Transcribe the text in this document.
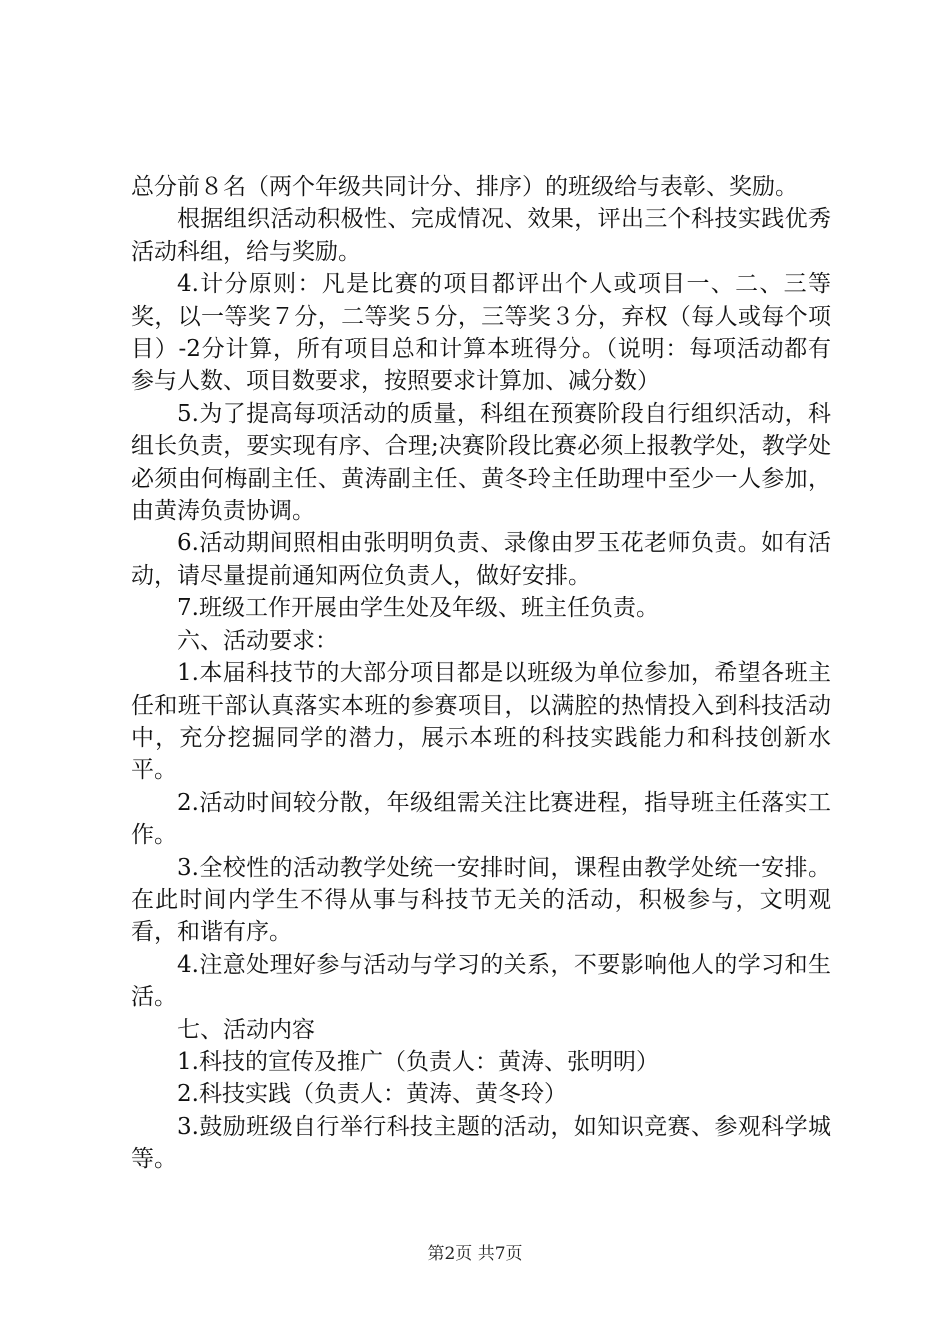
总分前８名（两个年级共同计分、排序）的班级给与表彰、奖励。

根据组织活动积极性、完成情况、效果，评出三个科技实践优秀活动科组，给与奖励。

4.计分原则：凡是比赛的项目都评出个人或项目一、二、三等奖，以一等奖７分，二等奖５分，三等奖３分，弃权（每人或每个项目）-2分计算，所有项目总和计算本班得分。（说明：每项活动都有参与人数、项目数要求，按照要求计算加、减分数）

5.为了提高每项活动的质量，科组在预赛阶段自行组织活动，科组长负责，要实现有序、合理;决赛阶段比赛必须上报教学处，教学处必须由何梅副主任、黄涛副主任、黄冬玲主任助理中至少一人参加，由黄涛负责协调。

6.活动期间照相由张明明负责、录像由罗玉花老师负责。如有活动，请尽量提前通知两位负责人，做好安排。

7.班级工作开展由学生处及年级、班主任负责。

六、活动要求：

1.本届科技节的大部分项目都是以班级为单位参加，希望各班主任和班干部认真落实本班的参赛项目，以满腔的热情投入到科技活动中，充分挖掘同学的潜力，展示本班的科技实践能力和科技创新水平。

2.活动时间较分散，年级组需关注比赛进程，指导班主任落实工作。

3.全校性的活动教学处统一安排时间，课程由教学处统一安排。在此时间内学生不得从事与科技节无关的活动，积极参与，文明观看，和谐有序。

4.注意处理好参与活动与学习的关系，不要影响他人的学习和生活。

七、活动内容

1.科技的宣传及推广（负责人：黄涛、张明明）

2.科技实践（负责人：黄涛、黄冬玲）

3.鼓励班级自行举行科技主题的活动，如知识竞赛、参观科学城等。

第2页 共7页
